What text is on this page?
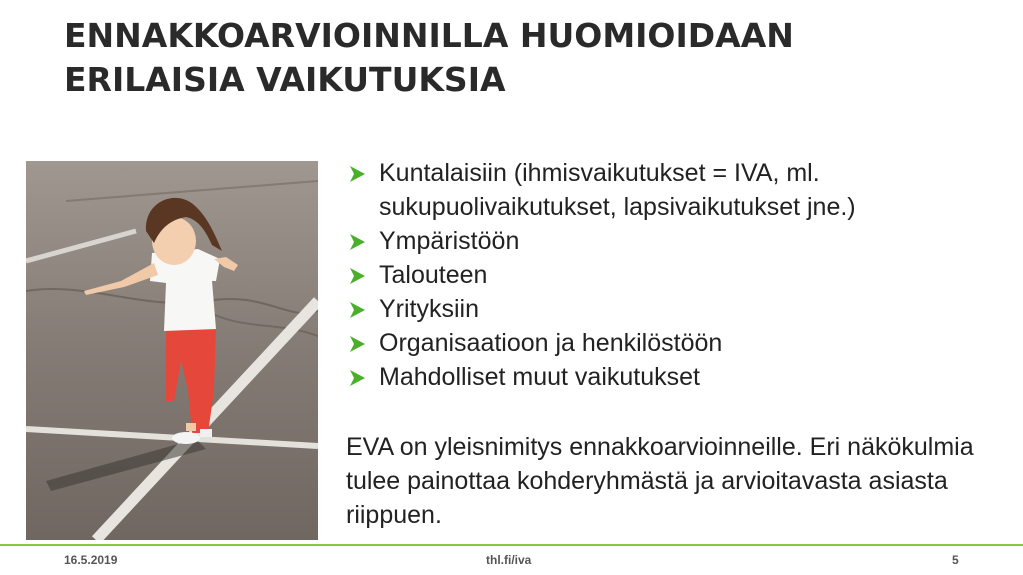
ENNAKKOARVIOINNILLA HUOMIOIDAAN
ERILAISIA VAIKUTUKSIA
Kuntalaisiin (ihmisvaikutukset = IVA, ml. sukupuolivaikutukset, lapsivaikutukset jne.)
Ympäristöön
Talouteen
Yrityksiin
Organisaatioon ja henkilöstöön
Mahdolliset muut vaikutukset

EVA on yleisnimitys ennakkoarvioinneille. Eri näkökulmia tulee painottaa kohderyhmästä ja arvioitavasta asiasta riippuen.

16.5.2019	thl.fi/iva	5
